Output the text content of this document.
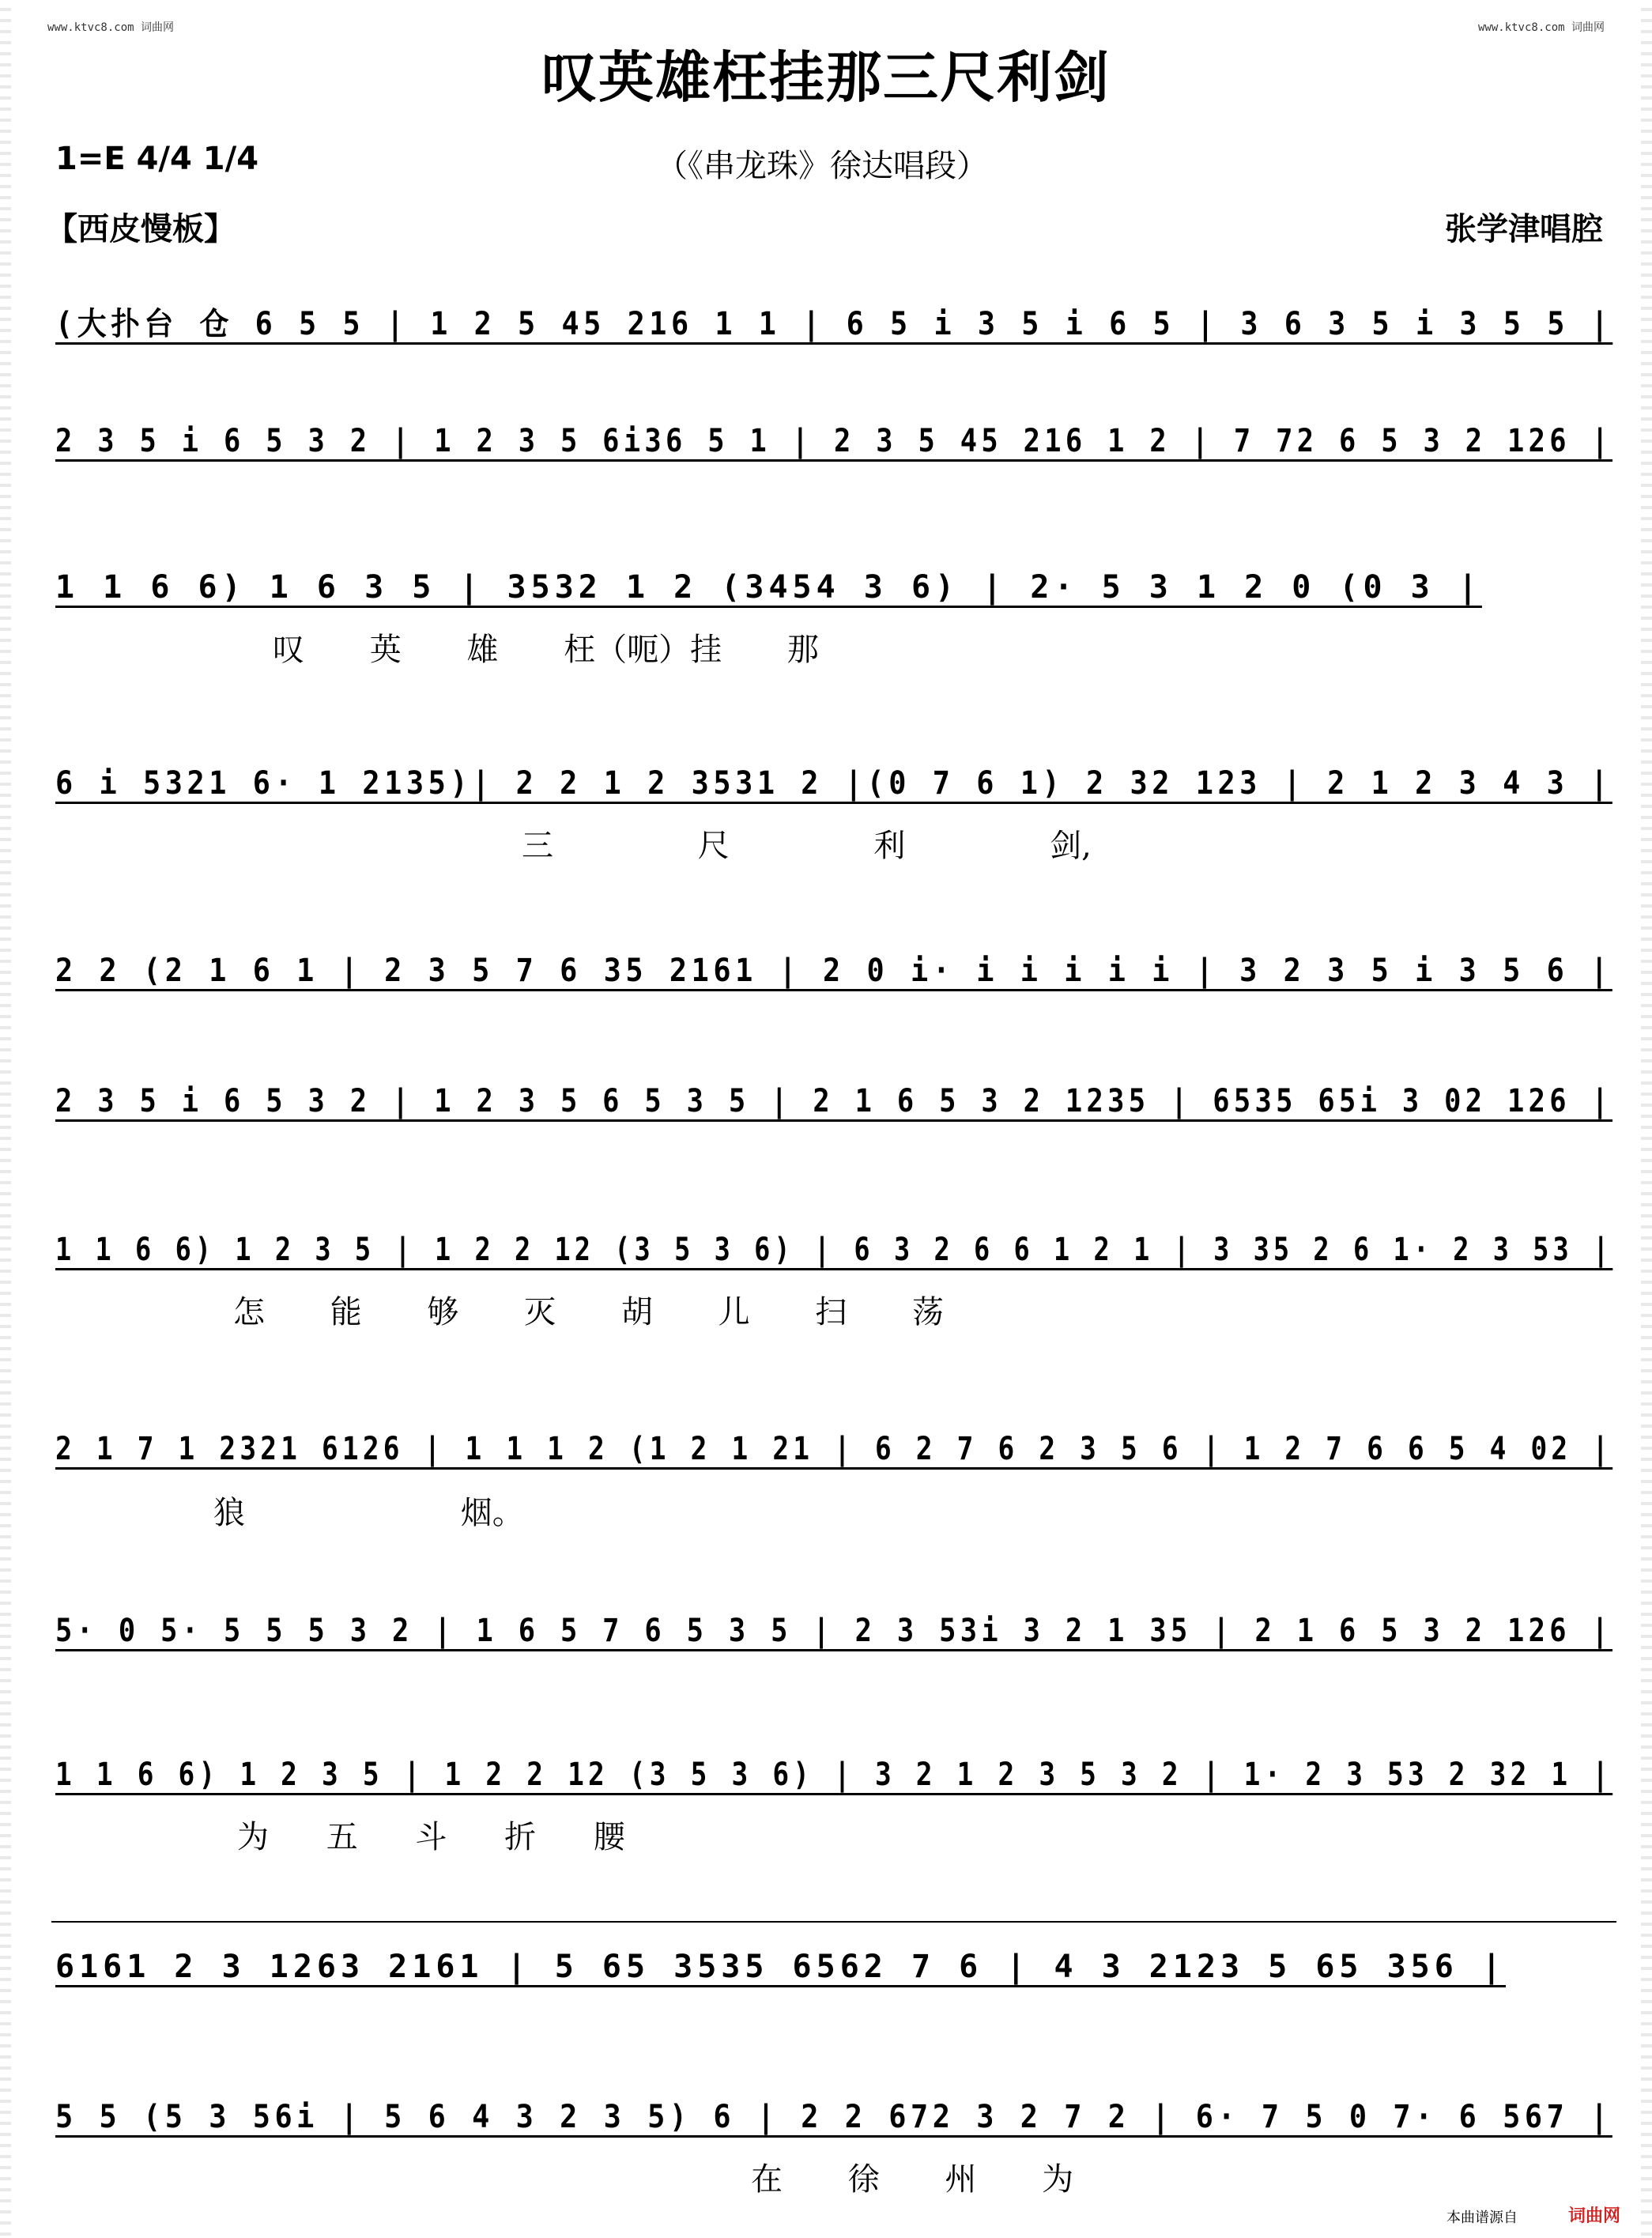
www.ktvc8.com 词曲网	www.ktvc8.com 词曲网
叹英雄枉挂那三尺利剑
1=E 4/4 1/4	（《串龙珠》徐达唱段）
【西皮慢板】	张学津唱腔
(大扑台 仓 6 5 5 | 1 2 5 45 216 1 1 | 6 5 i 3 5 i 6 5 | 3 6 3 5 i 3 5 5 |
2 3 5 i 6 5 3 2 | 1 2 3 5 6i36 5 1 | 2 3 5 45 216 1 2 | 7 72 6 5 3 2 126 |
1 1 6 6) 1 6 3 5 | 3532 1 2 (3454 3 6) | 2· 5 3 1 2 0 (0 3 |
叹 英 雄 枉（呃）挂 那
6 i 5321 6· 1 2135)| 2 2 1 2 3531 2 |(0 7 6 1) 2 32 123 | 2 1 2 3 4 3 |
三 尺 利 剑,
2 2 (2 1 6 1 | 2 3 5 7 6 35 2161 | 2 0 i· i i i i i | 3 2 3 5 i 3 5 6 |
2 3 5 i 6 5 3 2 | 1 2 3 5 6 5 3 5 | 2 1 6 5 3 2 1235 | 6535 65i 3 02 126 |
1 1 6 6) 1 2 3 5 | 1 2 2 12 (3 5 3 6) | 6 3 2 6 6 1 2 1 | 3 35 2 6 1· 2 3 53 |
怎 能 够 灭 胡 儿 扫 荡
2 1 7 1 2321 6126 | 1 1 1 2 (1 2 1 21 | 6 2 7 6 2 3 5 6 | 1 2 7 6 6 5 4 02 |
狼 烟。
5· 0 5· 5 5 5 3 2 | 1 6 5 7 6 5 3 5 | 2 3 53i 3 2 1 35 | 2 1 6 5 3 2 126 |
1 1 6 6) 1 2 3 5 | 1 2 2 12 (3 5 3 6) | 3 2 1 2 3 5 3 2 | 1· 2 3 53 2 32 1 |
为 五 斗 折 腰
6161 2 3 1263 2161 | 5 65 3535 6562 7 6 | 4 3 2123 5 65 356 |
5 5 (5 3 56i | 5 6 4 3 2 3 5) 6 | 2 2 672 3 2 7 2 | 6· 7 5 0 7· 6 567 |
在 徐 州 为
本曲谱源自	词曲网
